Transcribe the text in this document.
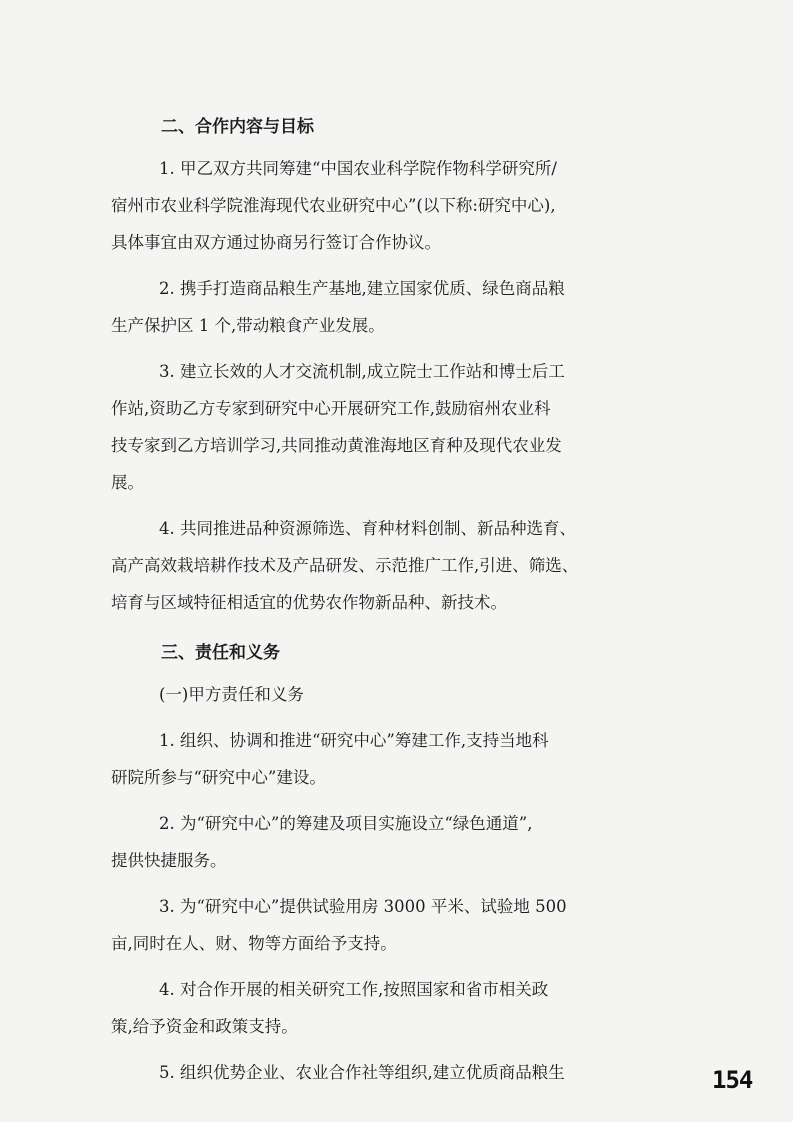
二、合作内容与目标

1. 甲乙双方共同筹建“中国农业科学院作物科学研究所/
宿州市农业科学院淮海现代农业研究中心”(以下称:研究中心),
具体事宜由双方通过协商另行签订合作协议。

2. 携手打造商品粮生产基地,建立国家优质、绿色商品粮
生产保护区 1 个,带动粮食产业发展。

3. 建立长效的人才交流机制,成立院士工作站和博士后工
作站,资助乙方专家到研究中心开展研究工作,鼓励宿州农业科
技专家到乙方培训学习,共同推动黄淮海地区育种及现代农业发
展。

4. 共同推进品种资源筛选、育种材料创制、新品种选育、
高产高效栽培耕作技术及产品研发、示范推广工作,引进、筛选、
培育与区域特征相适宜的优势农作物新品种、新技术。

三、责任和义务
(一)甲方责任和义务

1. 组织、协调和推进“研究中心”筹建工作,支持当地科
研院所参与“研究中心”建设。

2. 为“研究中心”的筹建及项目实施设立“绿色通道”,
提供快捷服务。

3. 为“研究中心”提供试验用房 3000 平米、试验地 500
亩,同时在人、财、物等方面给予支持。

4. 对合作开展的相关研究工作,按照国家和省市相关政
策,给予资金和政策支持。

5. 组织优势企业、农业合作社等组织,建立优质商品粮生	154
